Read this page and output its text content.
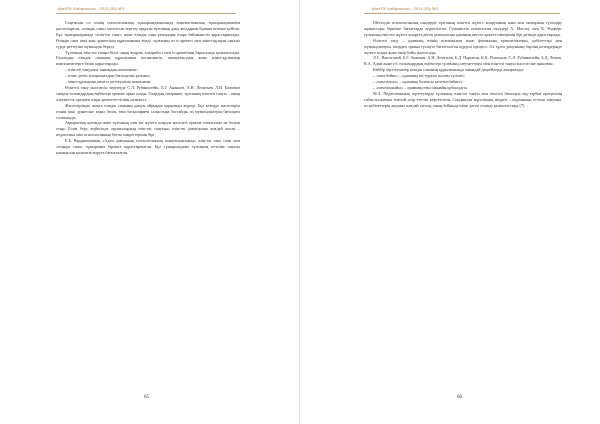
ҚазҰПУ Хабаршысы - 2013 (30) №1

Соңғысын ол өзінің психологиялық тұжырымдамасында лингвистикалық тұжырымдамамен ұштастырған, «өзіндік сана» мәселесін зерттеу арқылы тұлғаның даму жолдарын бірінші кезекке қойған. Бұл тұжырымдамада «өзін-өзі тану» және өзіндік сана ұғымдары өзара байланысты қарастырылады. Өзіндік сана ішкі жан дүниесінің құрылымына енеді, тұлғаның өз іс-әрекеті мен мінез-құлқын саналы түрде реттеуіне мүмкіндік береді.

Тұлғаның өзін-өзі танып-білуі оның өмірлік тәжірибесі мен іс-әрекетінің барысында қалыптасады. Ғалымдар өзіндік сананың құрылымын когнитивтік, эмоционалдық және мінез-құлықтық компоненттерге бөліп қарастырады.

– өзін-өзі танудағы танымдық компонент;

– өзіне деген эмоционалдық-бағалаушы қатынас;

– мінез-құлықтық немесе реттеушілік компонент.

Өзін-өзі тану мәселесін зерттеуде С.Л. Рубинштейн, Б.Г. Ананьев, А.Н. Леонтьев, Л.И. Божович сияқты ғалымдардың еңбектері ерекше орын алады. Олардың пікірінше, тұлғаның өзін-өзі тануы – оның әлеуметтік ортамен өзара әрекеттестігінің нәтижесі.

Жасөспірімдік шақта өзіндік сананың дамуы айрықша қарқынды жүреді. Бұл кезеңде жасөспірім өзінің ішкі дүниесіне көңіл бөліп, өзін басқалармен салыстыра бастайды, өз мүмкіндіктерін бағалауға талпынады.

Ақпараттық қоғамда жеке тұлғаның өзін-өзі жүзеге асыруы мәселесі ерекше өзектілікке ие болып отыр. Білім беру жүйесінде оқушылардың өзін-өзі тануына, өзін-өзі дамытуына жағдай жасау – педагогика мен психологияның басты міндеттерінің бірі.

Е.Б. Вардакшиятың «Адам дамуының психологиялық концепциясында» өзін-өзі тану ілімі мен «өзіндік сана» тұжырымы бірлікте қарастырылған. Бұл тұжырымдама тұлғаның өз-өзіне саналы қатынасын қалыптастыруға бағытталған.

65
ҚазҰПУ Хабаршысы - 2013 (30) №1

Шетелдік психологиялық пәндерде тұлғаның өзін-өзі жүзеге асыруының мәні мен мазмұнын түсіндіру жұмыстары бірнеше бағыттарда жүргізілген. Гуманистік психология өкілдері А. Маслоу мен К. Роджерс тұлғаның өзін-өзі жүзеге асыруға деген ұмтылысын адамның негізгі қажеттіліктерінің бірі ретінде қарастырады.

Өзін-өзі тану – адамның өзінің психикалық және физикалық ерекшеліктерін, қабілеттері мен мүмкіндіктерін, өмірдегі орнын түсінуге бағытталған күрделі процесс. Ол тұлға дамуының барлық кезеңдерінде жүзеге асады және өмір бойы жалғасады.

Л.С. Выготский, Б.Г. Ананьев, А.Н. Леонтьев, Б.Д. Парыгин, К.К. Платонов, С.Л. Рубинштейн, Б.Д. Ломов, В.А. Адам және т.б. ғалымдардың еңбектері тұлғаның әлеуметтенуі мен өзін-өзі тануы мәселесіне арналған.

Кейбір зерттеушілер өзіндік сананың құрылымында мынадай деңгейлерді ажыратады:

– «мен-бейне» – адамның өзі туралы жалпы түсінігі;

– «мен-идеал» – адамның болғысы келетін бейнесі;

– «мен-шынайы» – адамның өзін шынайы қабылдауы.

М.А. Педагогикалық зерттеулерде тұлғаның өзін-өзі тануы мен өзін-өзі бағалауы оқу-тәрбие процесінің табыстылығына тікелей әсер ететіні көрсетілген. Сондықтан мұғалімнің міндеті – оқушының өз-өзін тануына, өз қабілеттерін ашуына жағдай туғызу, оның бойында өзіне деген сенімді қалыптастыру [7].

66
